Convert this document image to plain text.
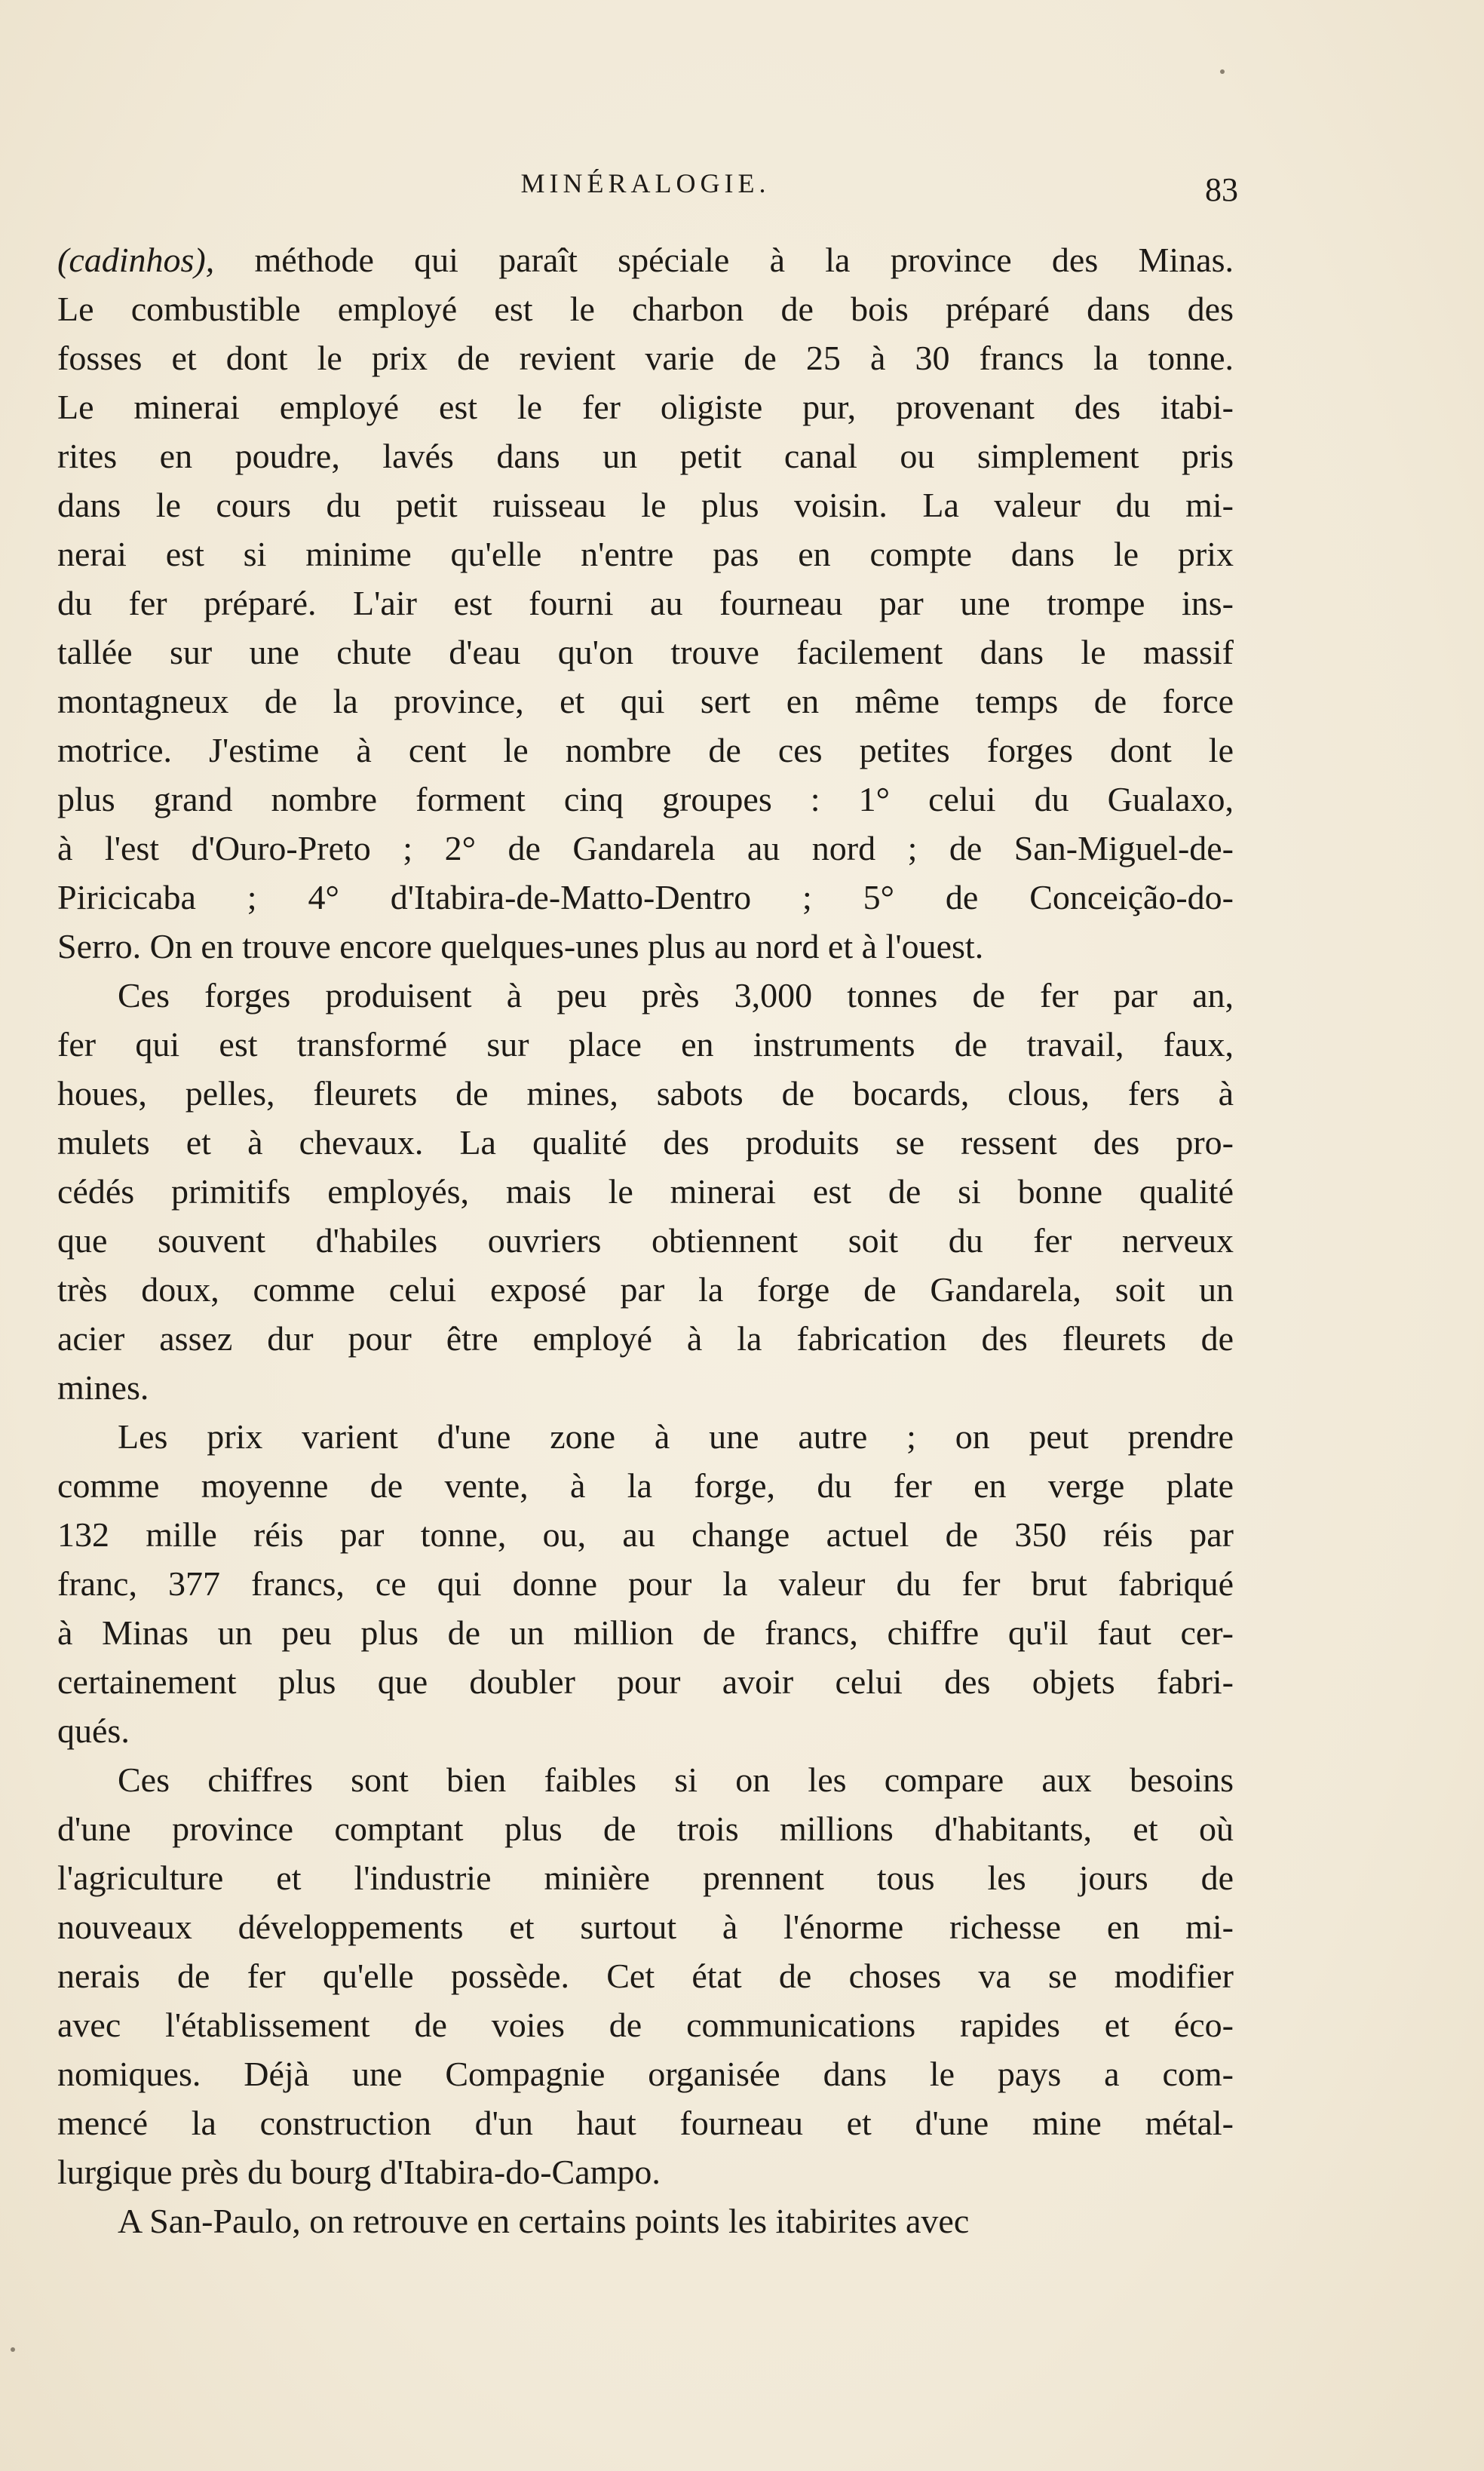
MINÉRALOGIE.	83
(cadinhos), méthode qui paraît spéciale à la province des Minas.
Le combustible employé est le charbon de bois préparé dans des
fosses et dont le prix de revient varie de 25 à 30 francs la tonne.
Le minerai employé est le fer oligiste pur, provenant des itabi-
rites en poudre, lavés dans un petit canal ou simplement pris
dans le cours du petit ruisseau le plus voisin. La valeur du mi-
nerai est si minime qu'elle n'entre pas en compte dans le prix
du fer préparé. L'air est fourni au fourneau par une trompe ins-
tallée sur une chute d'eau qu'on trouve facilement dans le massif
montagneux de la province, et qui sert en même temps de force
motrice. J'estime à cent le nombre de ces petites forges dont le
plus grand nombre forment cinq groupes : 1° celui du Gualaxo,
à l'est d'Ouro-Preto ; 2° de Gandarela au nord ; de San-Miguel-de-
Piricicaba ; 4° d'Itabira-de-Matto-Dentro ; 5° de Conceição-do-
Serro. On en trouve encore quelques-unes plus au nord et à l'ouest.
Ces forges produisent à peu près 3,000 tonnes de fer par an,
fer qui est transformé sur place en instruments de travail, faux,
houes, pelles, fleurets de mines, sabots de bocards, clous, fers à
mulets et à chevaux. La qualité des produits se ressent des pro-
cédés primitifs employés, mais le minerai est de si bonne qualité
que souvent d'habiles ouvriers obtiennent soit du fer nerveux
très doux, comme celui exposé par la forge de Gandarela, soit un
acier assez dur pour être employé à la fabrication des fleurets de
mines.
Les prix varient d'une zone à une autre ; on peut prendre
comme moyenne de vente, à la forge, du fer en verge plate
132 mille réis par tonne, ou, au change actuel de 350 réis par
franc, 377 francs, ce qui donne pour la valeur du fer brut fabriqué
à Minas un peu plus de un million de francs, chiffre qu'il faut cer-
certainement plus que doubler pour avoir celui des objets fabri-
qués.
Ces chiffres sont bien faibles si on les compare aux besoins
d'une province comptant plus de trois millions d'habitants, et où
l'agriculture et l'industrie minière prennent tous les jours de
nouveaux développements et surtout à l'énorme richesse en mi-
nerais de fer qu'elle possède. Cet état de choses va se modifier
avec l'établissement de voies de communications rapides et éco-
nomiques. Déjà une Compagnie organisée dans le pays a com-
mencé la construction d'un haut fourneau et d'une mine métal-
lurgique près du bourg d'Itabira-do-Campo.
A San-Paulo, on retrouve en certains points les itabirites avec
